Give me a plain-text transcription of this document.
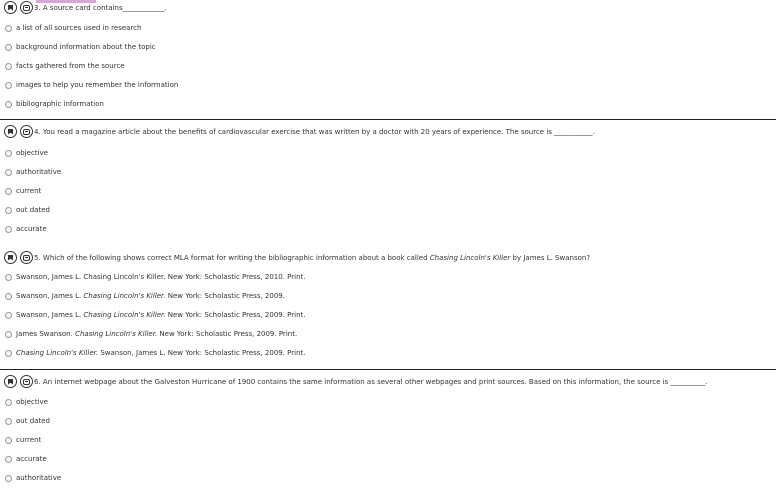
3. A source card contains____________.
a list of all sources used in research
background information about the topic
facts gathered from the source
images to help you remember the information
bibliographic information
4. You read a magazine article about the benefits of cardiovascular exercise that was written by a doctor with 20 years of experience. The source is ___________.
objective
authoritative
current
out dated
accurate
5. Which of the following shows correct MLA format for writing the bibliographic information about a book called Chasing Lincoln's Killer by James L. Swanson?
Swanson, James L. Chasing Lincoln's Killer. New York: Scholastic Press, 2010. Print.
Swanson, James L.
Chasing Lincoln's Killer.
New York: Scholastic Press, 2009.
Swanson, James L.
Chasing Lincoln's Killer.
New York: Scholastic Press, 2009. Print.
James Swanson.
Chasing Lincoln's Killer.
New York: Scholastic Press, 2009. Print.
Chasing Lincoln's Killer.
Swanson, James L. New York: Scholastic Press, 2009. Print.
6. An internet webpage about the Galveston Hurricane of 1900 contains the same information as several other webpages and print sources. Based on this information, the source is __________.
objective
out dated
current
accurate
authoritative
